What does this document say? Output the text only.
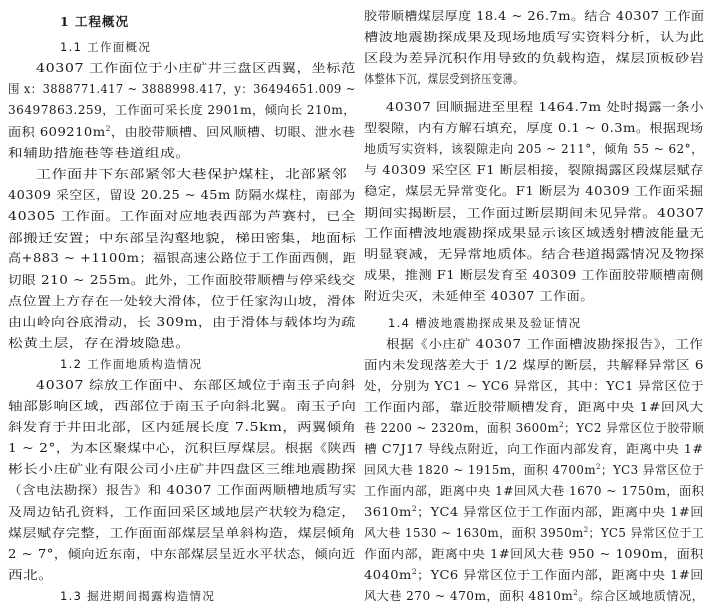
1 工程概况
1.1 工作面概况
40307 工作面位于小庄矿井三盘区西翼，坐标范
围 x：3888771.417 ~ 3888998.417，y：36494651.009 ~
36497863.259，工作面可采长度 2901m，倾向长 210m，
面积 $609210m^2$，由胶带顺槽、回风顺槽、切眼、泄水巷
和辅助措施巷等巷道组成。
工作面井下东部紧邻大巷保护煤柱，北部紧邻
40309 采空区，留设 20.25 ~ 45m 防隔水煤柱，南部为
40305 工作面。工作面对应地表西部为芦赛村，已全
部搬迁安置；中东部呈沟壑地貌，梯田密集，地面标
高+883 ~ +1100m；福银高速公路位于工作面西侧，距
切眼 210 ~ 255m。此外，工作面胶带顺槽与停采线交
点位置上方存在一处较大滑体，位于任家沟山坡，滑体
由山岭向谷底滑动，长 309m，由于滑体与载体均为疏
松黄土层，存在滑坡隐患。
1.2 工作面地质构造情况
40307 综放工作面中、东部区域位于南玉子向斜
轴部影响区域，西部位于南玉子向斜北翼。南玉子向
斜发育于井田北部，区内延展长度 7.5km，两翼倾角
1 ~ 2°，为本区聚煤中心，沉积巨厚煤层。根据《陕西
彬长小庄矿业有限公司小庄矿井四盘区三维地震勘探
（含电法勘探）报告》和 40307 工作面两顺槽地质写实
及周边钻孔资料，工作面回采区域地层产状较为稳定，
煤层赋存完整，工作面面部煤层呈单斜构造，煤层倾角
2 ~ 7°，倾向近东南，中东部煤层呈近水平状态，倾向近
西北。
1.3 掘进期间揭露构造情况
胶带顺槽煤层厚度 18.4 ~ 26.7m。结合 40307 工作面
槽波地震勘探成果及现场地质写实资料分析，认为此
区段为差异沉积作用导致的负载构造，煤层顶板砂岩
体整体下沉，煤层受到挤压变薄。
40307 回顺掘进至里程 1464.7m 处时揭露一条小
型裂隙，内有方解石填充，厚度 0.1 ~ 0.3m。根据现场
地质写实资料，该裂隙走向 205 ~ 211°，倾角 55 ~ 62°，
与 40309 采空区 F1 断层相接，裂隙揭露区段煤层赋存
稳定，煤层无异常变化。F1 断层为 40309 工作面采掘
期间实揭断层，工作面过断层期间未见异常。40307
工作面槽波地震勘探成果显示该区域透射槽波能量无
明显衰减，无异常地质体。结合巷道揭露情况及物探
成果，推测 F1 断层发育至 40309 工作面胶带顺槽南侧
附近尖灭，未延伸至 40307 工作面。
1.4 槽波地震勘探成果及验证情况
根据《小庄矿 40307 工作面槽波勘探报告》，工作
面内未发现落差大于 1/2 煤厚的断层，共解释异常区 6
处，分别为 YC1 ~ YC6 异常区，其中：YC1 异常区位于
工作面内部，靠近胶带顺槽发育，距离中央 1#回风大
巷 2200 ~ 2320m，面积 $3600m^2$；YC2 异常区位于胶带顺
槽 C7J17 导线点附近，向工作面内部发育，距离中央 1#
回风大巷 1820 ~ 1915m，面积 $4700m^2$；YC3 异常区位于
工作面内部，距离中央 1#回风大巷 1670 ~ 1750m，面积
$3610m^2$；YC4 异常区位于工作面内部，距离中央 1#回
风大巷 1530 ~ 1630m，面积 $3950m^2$；YC5 异常区位于工
作面内部，距离中央 1#回风大巷 950 ~ 1090m，面积
$4040m^2$；YC6 异常区位于工作面内部，距离中央 1#回
风大巷 270 ~ 470m，面积 $4810m^2$。综合区域地质情况，
